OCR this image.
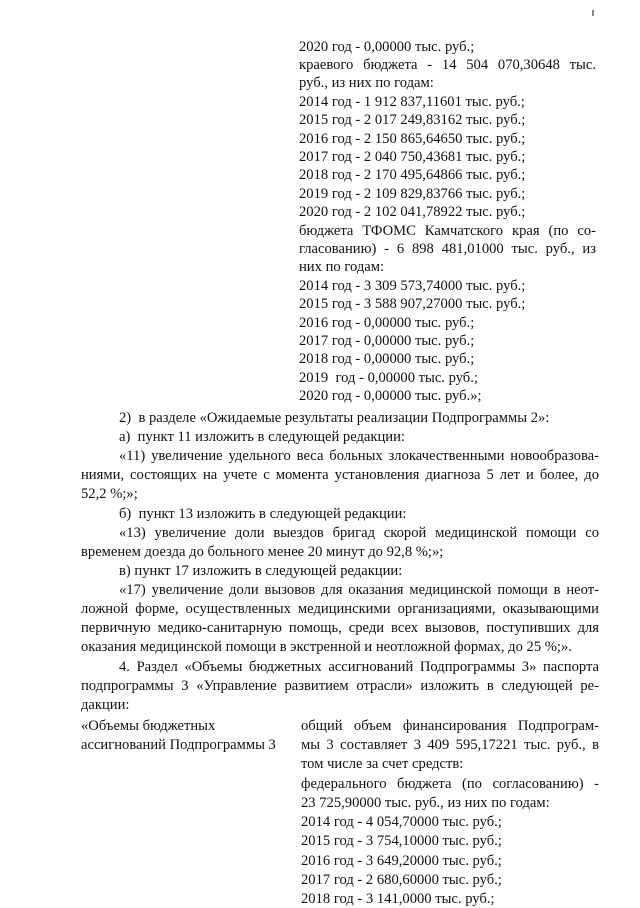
2020 год - 0,00000 тыс. руб.;
краевого бюджета - 14 504 070,30648 тыс.
руб., из них по годам:
2014 год - 1 912 837,11601 тыс. руб.;
2015 год - 2 017 249,83162 тыс. руб.;
2016 год - 2 150 865,64650 тыс. руб.;
2017 год - 2 040 750,43681 тыс. руб.;
2018 год - 2 170 495,64866 тыс. руб.;
2019 год - 2 109 829,83766 тыс. руб.;
2020 год - 2 102 041,78922 тыс. руб.;
бюджета ТФОМС Камчатского края (по со-
гласованию) - 6 898 481,01000 тыс. руб., из
них по годам:
2014 год - 3 309 573,74000 тыс. руб.;
2015 год - 3 588 907,27000 тыс. руб.;
2016 год - 0,00000 тыс. руб.;
2017 год - 0,00000 тыс. руб.;
2018 год - 0,00000 тыс. руб.;
2019  год - 0,00000 тыс. руб.;
2020 год - 0,00000 тыс. руб.»;
2)  в разделе «Ожидаемые результаты реализации Подпрограммы 2»:
а)  пункт 11 изложить в следующей редакции:
«11) увеличение удельного веса больных злокачественными новообразова-
ниями, состоящих на учете с момента установления диагноза 5 лет и более, до
52,2 %;»;
б)  пункт 13 изложить в следующей редакции:
«13) увеличение доли выездов бригад скорой медицинской помощи со
временем доезда до больного менее 20 минут до 92,8 %;»;
в) пункт 17 изложить в следующей редакции:
«17) увеличение доли вызовов для оказания медицинской помощи в неот-
ложной форме, осуществленных медицинскими организациями, оказывающими
первичную медико-санитарную помощь, среди всех вызовов, поступивших для
оказания медицинской помощи в экстренной и неотложной формах, до 25 %;».
4. Раздел «Объемы бюджетных ассигнований Подпрограммы 3» паспорта
подпрограммы 3 «Управление развитием отрасли» изложить в следующей ре-
дакции:
«Объемы бюджетных
ассигнований Подпрограммы 3
общий объем финансирования Подпрограм-
мы 3 составляет 3 409 595,17221 тыс. руб., в
том числе за счет средств:
федерального бюджета (по согласованию) -
23 725,90000 тыс. руб., из них по годам:
2014 год - 4 054,70000 тыс. руб.;
2015 год - 3 754,10000 тыс. руб.;
2016 год - 3 649,20000 тыс. руб.;
2017 год - 2 680,60000 тыс. руб.;
2018 год - 3 141,0000 тыс. руб.;
